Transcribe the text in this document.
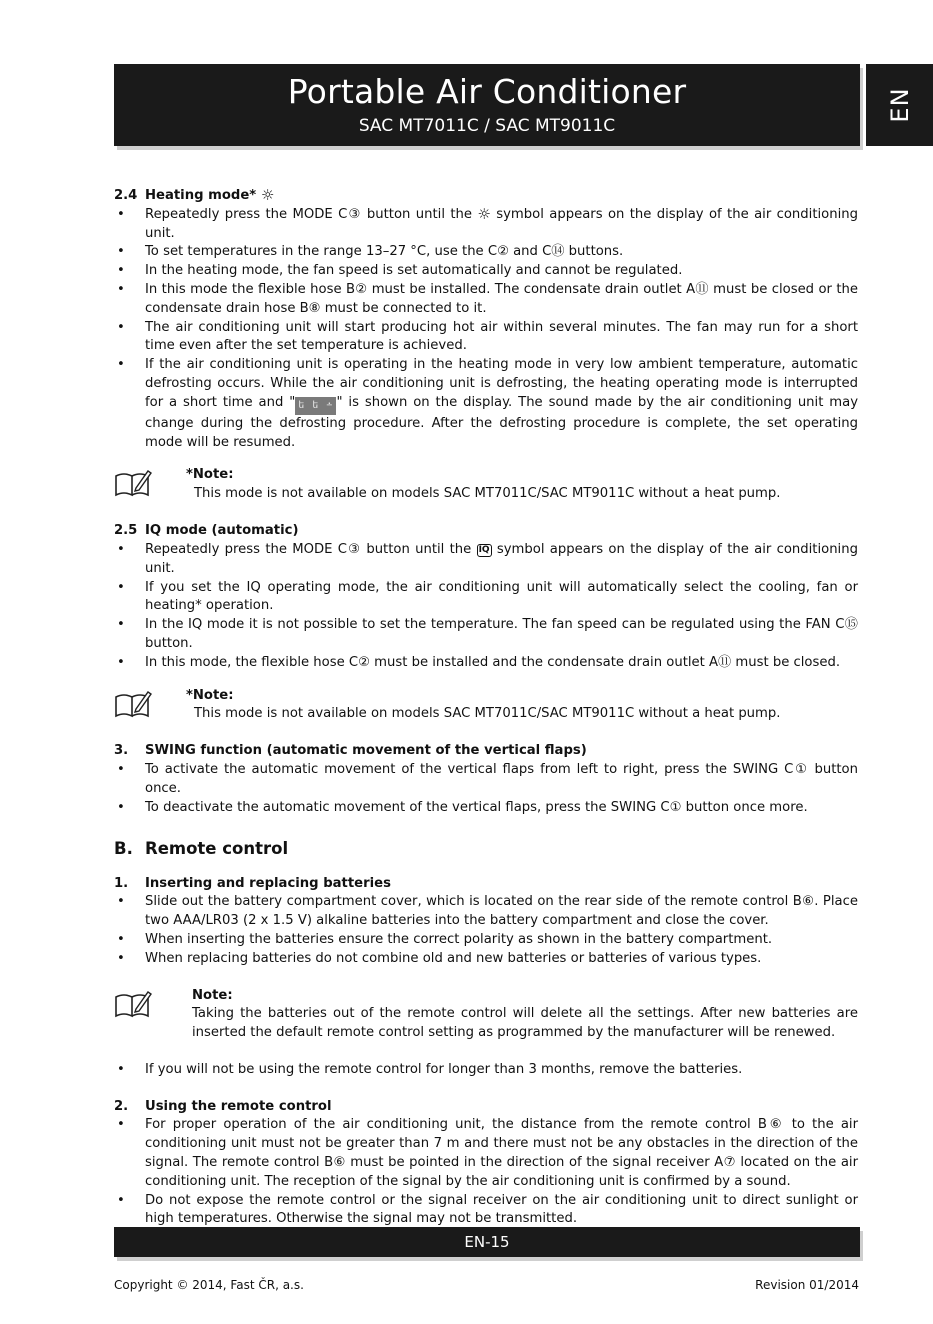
Portable Air Conditioner
SAC MT7011C / SAC MT9011C
EN
2.4 Heating mode* ☼
•	Repeatedly press the MODE C③ button until the ☼ symbol appears on the display of the air conditioning unit.
•	To set temperatures in the range 13–27 °C, use the C② and C⑭ buttons.
•	In the heating mode, the fan speed is set automatically and cannot be regulated.
•	In this mode the flexible hose B② must be installed. The condensate drain outlet A⑪ must be closed or the condensate drain hose B⑧ must be connected to it.
•	The air conditioning unit will start producing hot air within several minutes. The fan may run for a short time even after the set temperature is achieved.
•	If the air conditioning unit is operating in the heating mode in very low ambient temperature, automatic defrosting occurs. While the air conditioning unit is defrosting, the heating operating mode is interrupted for a short time and " ե ե ∸ " is shown on the display. The sound made by the air conditioning unit may change during the defrosting procedure. After the defrosting procedure is complete, the set operating mode will be resumed.
*Note:
This mode is not available on models SAC MT7011C/SAC MT9011C without a heat pump.
2.5 IQ mode (automatic)
•	Repeatedly press the MODE C③ button until the IQ symbol appears on the display of the air conditioning unit.
•	If you set the IQ operating mode, the air conditioning unit will automatically select the cooling, fan or heating* operation.
•	In the IQ mode it is not possible to set the temperature. The fan speed can be regulated using the FAN C⑮ button.
•	In this mode, the flexible hose C② must be installed and the condensate drain outlet A⑪ must be closed.
*Note:
This mode is not available on models SAC MT7011C/SAC MT9011C without a heat pump.
3.	SWING function (automatic movement of the vertical flaps)
•	To activate the automatic movement of the vertical flaps from left to right, press the SWING C① button once.
•	To deactivate the automatic movement of the vertical flaps, press the SWING C① button once more.
B. Remote control
1.	Inserting and replacing batteries
•	Slide out the battery compartment cover, which is located on the rear side of the remote control B⑥. Place two AAA/LR03 (2 x 1.5 V) alkaline batteries into the battery compartment and close the cover.
•	When inserting the batteries ensure the correct polarity as shown in the battery compartment.
•	When replacing batteries do not combine old and new batteries or batteries of various types.
Note:
Taking the batteries out of the remote control will delete all the settings. After new batteries are inserted the default remote control setting as programmed by the manufacturer will be renewed.
•	If you will not be using the remote control for longer than 3 months, remove the batteries.
2.	Using the remote control
•	For proper operation of the air conditioning unit, the distance from the remote control B⑥ to the air conditioning unit must not be greater than 7 m and there must not be any obstacles in the direction of the signal. The remote control B⑥ must be pointed in the direction of the signal receiver A⑦ located on the air conditioning unit. The reception of the signal by the air conditioning unit is confirmed by a sound.
•	Do not expose the remote control or the signal receiver on the air conditioning unit to direct sunlight or high temperatures. Otherwise the signal may not be transmitted.
EN-15
Copyright © 2014, Fast ČR, a.s.	Revision 01/2014
